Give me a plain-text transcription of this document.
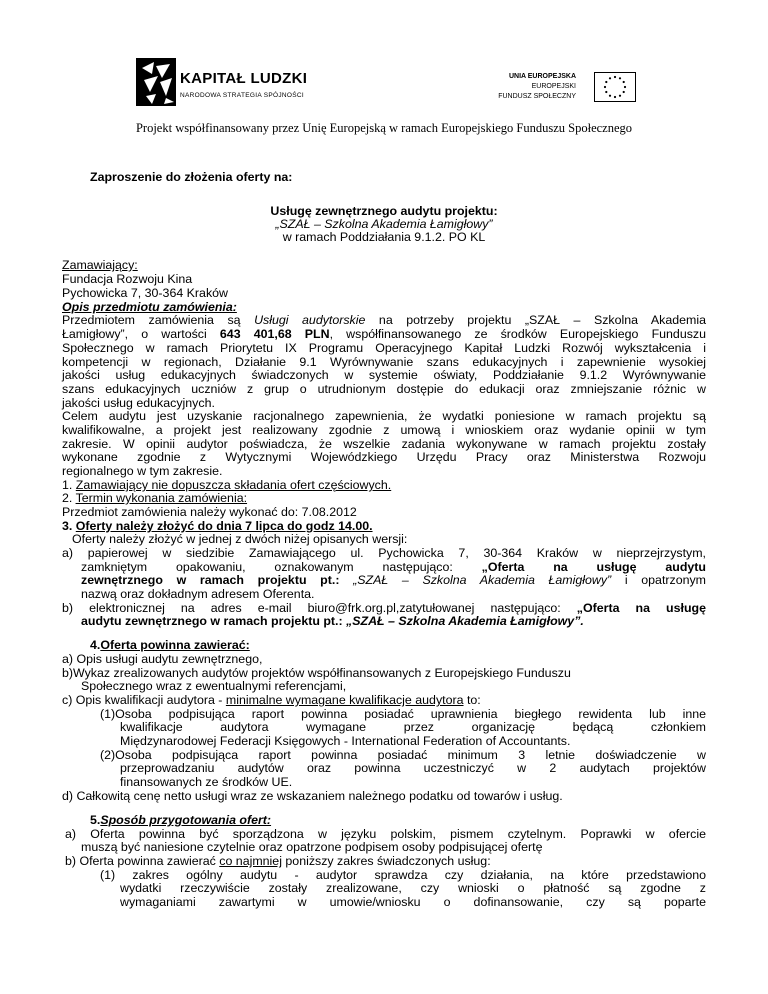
KAPITAŁ LUDZKI
NARODOWA STRATEGIA SPÓJNOŚCI
UNIA EUROPEJSKA
EUROPEJSKI
FUNDUSZ SPOŁECZNY
Projekt współfinansowany przez Unię Europejską w ramach Europejskiego Funduszu Społecznego
Zaproszenie do złożenia oferty na:
Usługę zewnętrznego audytu projektu:
„SZAŁ – Szkolna Akademia Łamigłowy”
w ramach Poddziałania 9.1.2. PO KL
Zamawiający:
Fundacja Rozwoju Kina
Pychowicka 7, 30-364 Kraków
Opis przedmiotu zamówienia:
Przedmiotem zamówienia są Usługi audytorskie na potrzeby projektu „SZAŁ – Szkolna Akademia
Łamigłowy”, o wartości 643 401,68 PLN, współfinansowanego ze środków Europejskiego Funduszu
Społecznego w ramach Priorytetu IX Programu Operacyjnego Kapitał Ludzki Rozwój wykształcenia i
kompetencji w regionach, Działanie 9.1 Wyrównywanie szans edukacyjnych i zapewnienie wysokiej
jakości usług edukacyjnych świadczonych w systemie oświaty, Poddziałanie 9.1.2 Wyrównywanie
szans edukacyjnych uczniów z grup o utrudnionym dostępie do edukacji oraz zmniejszanie różnic w
jakości usług edukacyjnych.
Celem audytu jest uzyskanie racjonalnego zapewnienia, że wydatki poniesione w ramach projektu są
kwalifikowalne, a projekt jest realizowany zgodnie z umową i wnioskiem oraz wydanie opinii w tym
zakresie. W opinii audytor poświadcza, że wszelkie zadania wykonywane w ramach projektu zostały
wykonane zgodnie z Wytycznymi Wojewódzkiego Urzędu Pracy oraz Ministerstwa Rozwoju
regionalnego w tym zakresie.
1. Zamawiający nie dopuszcza składania ofert częściowych.
2. Termin wykonania zamówienia:
Przedmiot zamówienia należy wykonać do: 7.08.2012
3. Oferty należy złożyć do dnia 7 lipca do godz 14.00.
Oferty należy złożyć w jednej z dwóch niżej opisanych wersji:
a) papierowej w siedzibie Zamawiającego ul. Pychowicka 7, 30-364 Kraków w nieprzejrzystym,
zamkniętym opakowaniu, oznakowanym następująco: „Oferta na usługę audytu
zewnętrznego w ramach projektu pt.: „SZAŁ – Szkolna Akademia Łamigłowy” i opatrzonym
nazwą oraz dokładnym adresem Oferenta.
b) elektronicznej na adres e-mail biuro@frk.org.pl,zatytułowanej następująco: „Oferta na usługę
audytu zewnętrznego w ramach projektu pt.: „SZAŁ – Szkolna Akademia Łamigłowy”.
4.Oferta powinna zawierać:
a) Opis usługi audytu zewnętrznego,
b)Wykaz zrealizowanych audytów projektów współfinansowanych z Europejskiego Funduszu
Społecznego wraz z ewentualnymi referencjami,
c) Opis kwalifikacji audytora - minimalne wymagane kwalifikacje audytora to:
(1)Osoba podpisująca raport powinna posiadać uprawnienia biegłego rewidenta lub inne
kwalifikacje audytora wymagane przez organizację będącą członkiem
Międzynarodowej Federacji Księgowych - International Federation of Accountants.
(2)Osoba podpisująca raport powinna posiadać minimum 3 letnie doświadczenie w
przeprowadzaniu audytów oraz powinna uczestniczyć w 2 audytach projektów
finansowanych ze środków UE.
d) Całkowitą cenę netto usługi wraz ze wskazaniem należnego podatku od towarów i usług.
5.Sposób przygotowania ofert:
a) Oferta powinna być sporządzona w języku polskim, pismem czytelnym. Poprawki w ofercie
muszą być naniesione czytelnie oraz opatrzone podpisem osoby podpisującej ofertę
b) Oferta powinna zawierać co najmniej poniższy zakres świadczonych usług:
(1) zakres ogólny audytu - audytor sprawdza czy działania, na które przedstawiono
wydatki rzeczywiście zostały zrealizowane, czy wnioski o płatność są zgodne z
wymaganiami zawartymi w umowie/wniosku o dofinansowanie, czy są poparte
